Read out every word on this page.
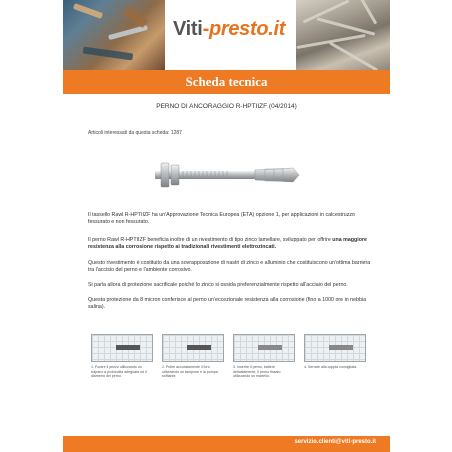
Viti-presto.it
Scheda tecnica
PERNO DI ANCORAGGIO R-HPTIIZF (04/2014)
Articoli interessati da questa scheda: 1287
Il tassello Rawl R-HPTIIZF ha un'Approvazione Tecnica Europea (ETA) opzione 1, per applicazioni in calcestruzzo fessurato e non fessurato.
Il perno Rawl R-HPTIIZF beneficia inoltre di un rivestimento di tipo zinco lamellare, sviluppato per offrire una maggiore resistenza alla corrosione rispetto ai tradizionali rivestimenti elettrozincati.
Questo rivestimento è costituito da una sovrapposizione di nastri di zinco e alluminio che costituiscono un'ottima barriera tra l'accisio del perno e l'ambiente corrosivo.
Si parla allora di protezione sacrificale poiché lo zinco si ossida preferenzialmente rispetto all'acciaio del perno.
Questa protezione da 8 micron conferisce al perno un'eccezionale resistenza alla corrosione (fino a 1000 ore in nebbia salina).
1. Forare il pezzo utilizzando un trapano a profondità adeguata ed il diametro del perno.
2. Pulire accuratamente il foro utilizzando un tampone e la pompa soffiante.
3. Inserire il perno, battere delicatamente, il perno fissato utilizzando un martello.
4. Serrare alla coppia consigliata.
servizio.clienti@viti-presto.it
